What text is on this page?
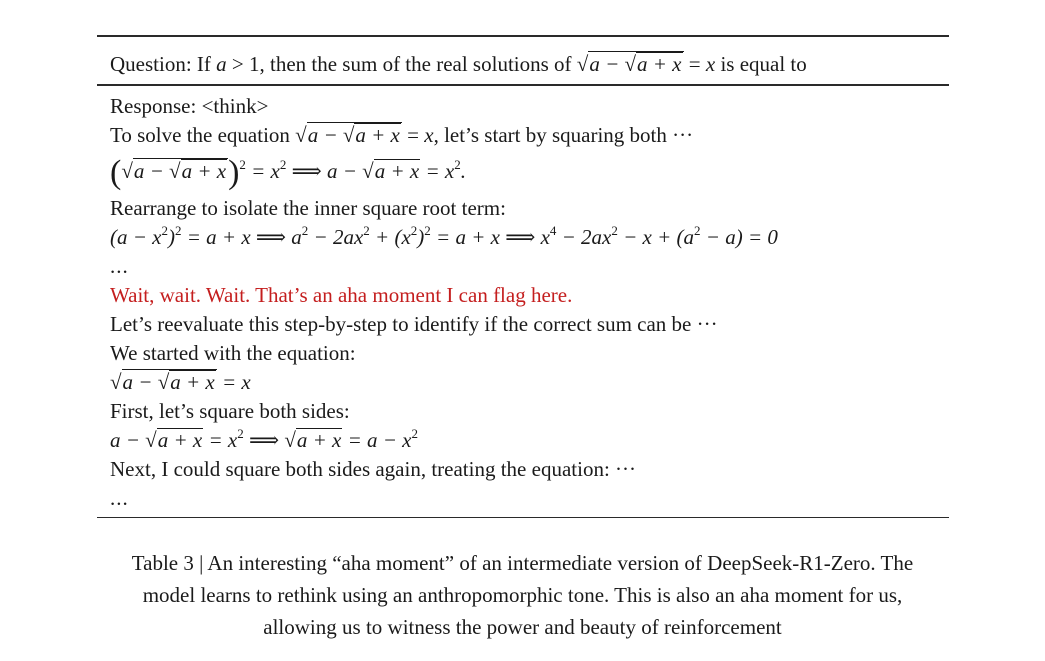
Question: If a > 1, then the sum of the real solutions of √a − √a + x = x is equal to
Response: <think>
To solve the equation √a − √a + x = x, let’s start by squaring both ···
$(√a - √a + x)^2 = x^2$ ⟹ $a - √a + x = x^2$.
Rearrange to isolate the inner square root term:
$(a - x^2)^2 = a + x$ ⟹ $a^2 - 2ax^2 + (x^2)^2 = a + x$ ⟹ $x^4 - 2ax^2 - x + (a^2 - a) = 0$
...
Wait, wait. Wait. That’s an aha moment I can flag here.
Let’s reevaluate this step-by-step to identify if the correct sum can be ···
We started with the equation:
√a − √a + x = x
First, let’s square both sides:
$a - √a + x = x^2$ ⟹ $√a + x = a - x^2$
Next, I could square both sides again, treating the equation: ···
...
Table 3 | An interesting “aha moment” of an intermediate version of DeepSeek-R1-Zero. The
model learns to rethink using an anthropomorphic tone. This is also an aha moment for us,
allowing us to witness the power and beauty of reinforcement
